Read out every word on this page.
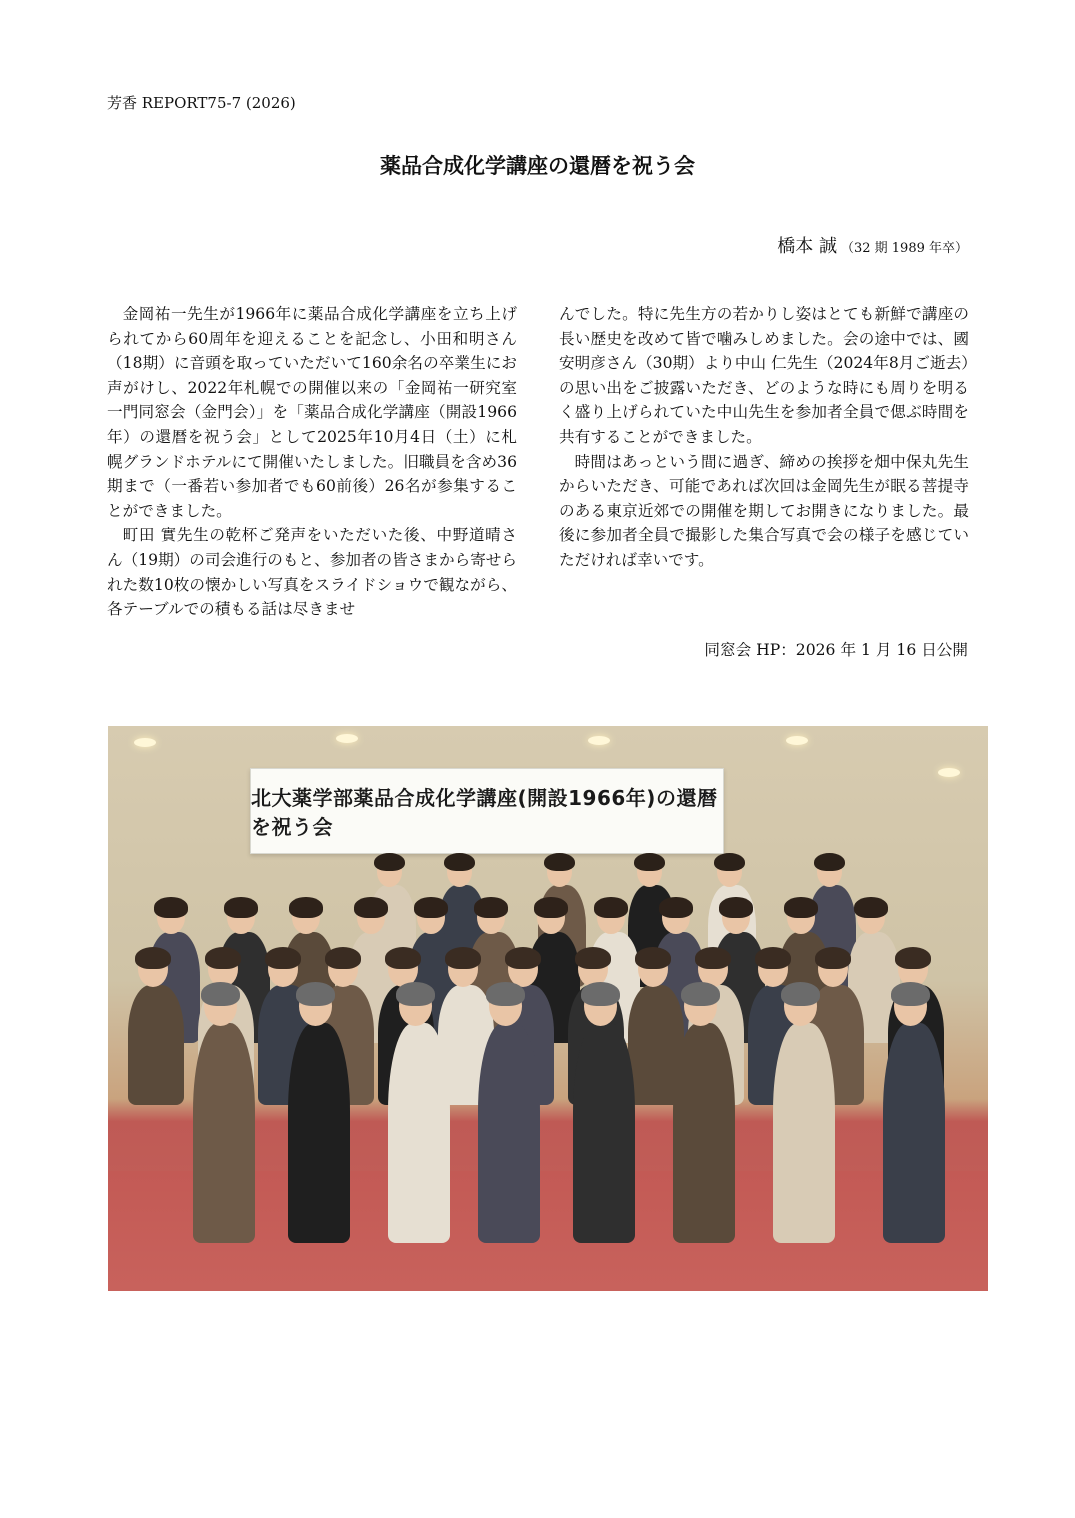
芳香 REPORT75-7 (2026)
薬品合成化学講座の還暦を祝う会
橋本 誠 （32 期 1989 年卒）

金岡祐一先生が1966年に薬品合成化学講座を立ち上げられてから60周年を迎えることを記念し、小田和明さん（18期）に音頭を取っていただいて160余名の卒業生にお声がけし、2022年札幌での開催以来の「金岡祐一研究室一門同窓会（金門会）」を「薬品合成化学講座（開設1966年）の還暦を祝う会」として2025年10月4日（土）に札幌グランドホテルにて開催いたしました。旧職員を含め36期まで（一番若い参加者でも60前後）26名が参集することができました。

町田 實先生の乾杯ご発声をいただいた後、中野道晴さん（19期）の司会進行のもと、参加者の皆さまから寄せられた数10枚の懐かしい写真をスライドショウで観ながら、各テーブルでの積もる話は尽きませ

んでした。特に先生方の若かりし姿はとても新鮮で講座の長い歴史を改めて皆で噛みしめました。会の途中では、國安明彦さん（30期）より中山 仁先生（2024年8月ご逝去）の思い出をご披露いただき、どのような時にも周りを明るく盛り上げられていた中山先生を参加者全員で偲ぶ時間を共有することができました。

時間はあっという間に過ぎ、締めの挨拶を畑中保丸先生からいただき、可能であれば次回は金岡先生が眠る菩提寺のある東京近郊での開催を期してお開きになりました。最後に参加者全員で撮影した集合写真で会の様子を感じていただければ幸いです。

同窓会 HP：2026 年 1 月 16 日公開
北大薬学部薬品合成化学講座(開設1966年)の還暦を祝う会
